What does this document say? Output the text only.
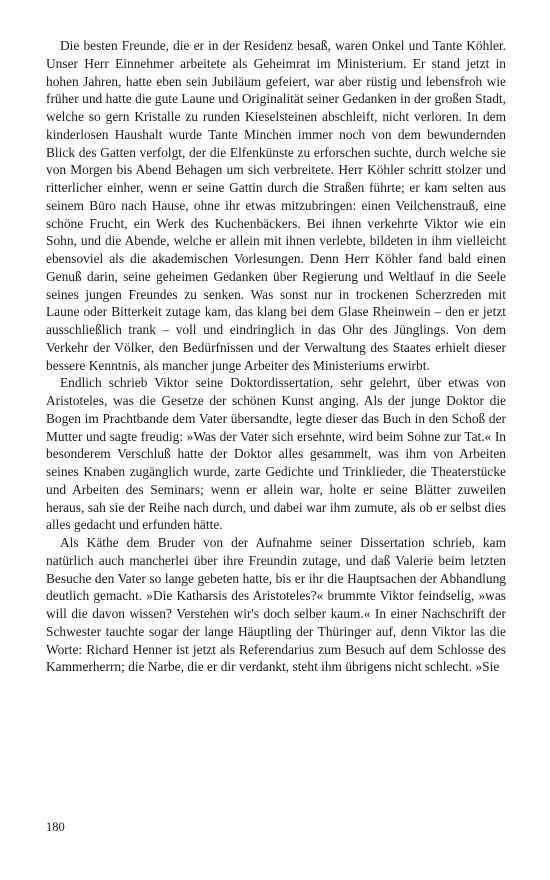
Die besten Freunde, die er in der Residenz besaß, waren Onkel und Tante Köhler. Unser Herr Einnehmer arbeitete als Geheimrat im Ministerium. Er stand jetzt in hohen Jahren, hatte eben sein Jubiläum gefeiert, war aber rüstig und lebensfroh wie früher und hatte die gute Laune und Originalität seiner Gedanken in der großen Stadt, welche so gern Kristalle zu runden Kieselsteinen abschleift, nicht verloren. In dem kinderlosen Haushalt wurde Tante Minchen immer noch von dem bewundernden Blick des Gatten verfolgt, der die Elfenkünste zu erforschen suchte, durch welche sie von Morgen bis Abend Behagen um sich verbreitete. Herr Köhler schritt stolzer und ritterlicher einher, wenn er seine Gattin durch die Straßen führte; er kam selten aus seinem Büro nach Hause, ohne ihr etwas mitzubringen: einen Veilchenstrauß, eine schöne Frucht, ein Werk des Kuchenbäckers. Bei ihnen verkehrte Viktor wie ein Sohn, und die Abende, welche er allein mit ihnen verlebte, bildeten in ihm vielleicht ebensoviel als die akademischen Vorlesungen. Denn Herr Köhler fand bald einen Genuß darin, seine geheimen Gedanken über Regierung und Weltlauf in die Seele seines jungen Freundes zu senken. Was sonst nur in trockenen Scherzreden mit Laune oder Bitterkeit zutage kam, das klang bei dem Glase Rheinwein – den er jetzt ausschließlich trank – voll und eindringlich in das Ohr des Jünglings. Von dem Verkehr der Völker, den Bedürfnissen und der Verwaltung des Staates erhielt dieser bessere Kenntnis, als mancher junge Arbeiter des Ministeriums erwirbt.

Endlich schrieb Viktor seine Doktordissertation, sehr gelehrt, über etwas von Aristoteles, was die Gesetze der schönen Kunst anging. Als der junge Doktor die Bogen im Prachtbande dem Vater übersandte, legte dieser das Buch in den Schoß der Mutter und sagte freudig: »Was der Vater sich ersehnte, wird beim Sohne zur Tat.« In besonderem Verschluß hatte der Doktor alles gesammelt, was ihm von Arbeiten seines Knaben zugänglich wurde, zarte Gedichte und Trinklieder, die Theaterstücke und Arbeiten des Seminars; wenn er allein war, holte er seine Blätter zuweilen heraus, sah sie der Reihe nach durch, und dabei war ihm zumute, als ob er selbst dies alles gedacht und erfunden hätte.

Als Käthe dem Bruder von der Aufnahme seiner Dissertation schrieb, kam natürlich auch mancherlei über ihre Freundin zutage, und daß Valerie beim letzten Besuche den Vater so lange gebeten hatte, bis er ihr die Hauptsachen der Abhandlung deutlich gemacht. »Die Katharsis des Aristoteles?« brummte Viktor feindselig, »was will die davon wissen? Verstehen wir's doch selber kaum.« In einer Nachschrift der Schwester tauchte sogar der lange Häuptling der Thüringer auf, denn Viktor las die Worte: Richard Henner ist jetzt als Referendarius zum Besuch auf dem Schlosse des Kammerherrn; die Narbe, die er dir verdankt, steht ihm übrigens nicht schlecht. »Sie

180
